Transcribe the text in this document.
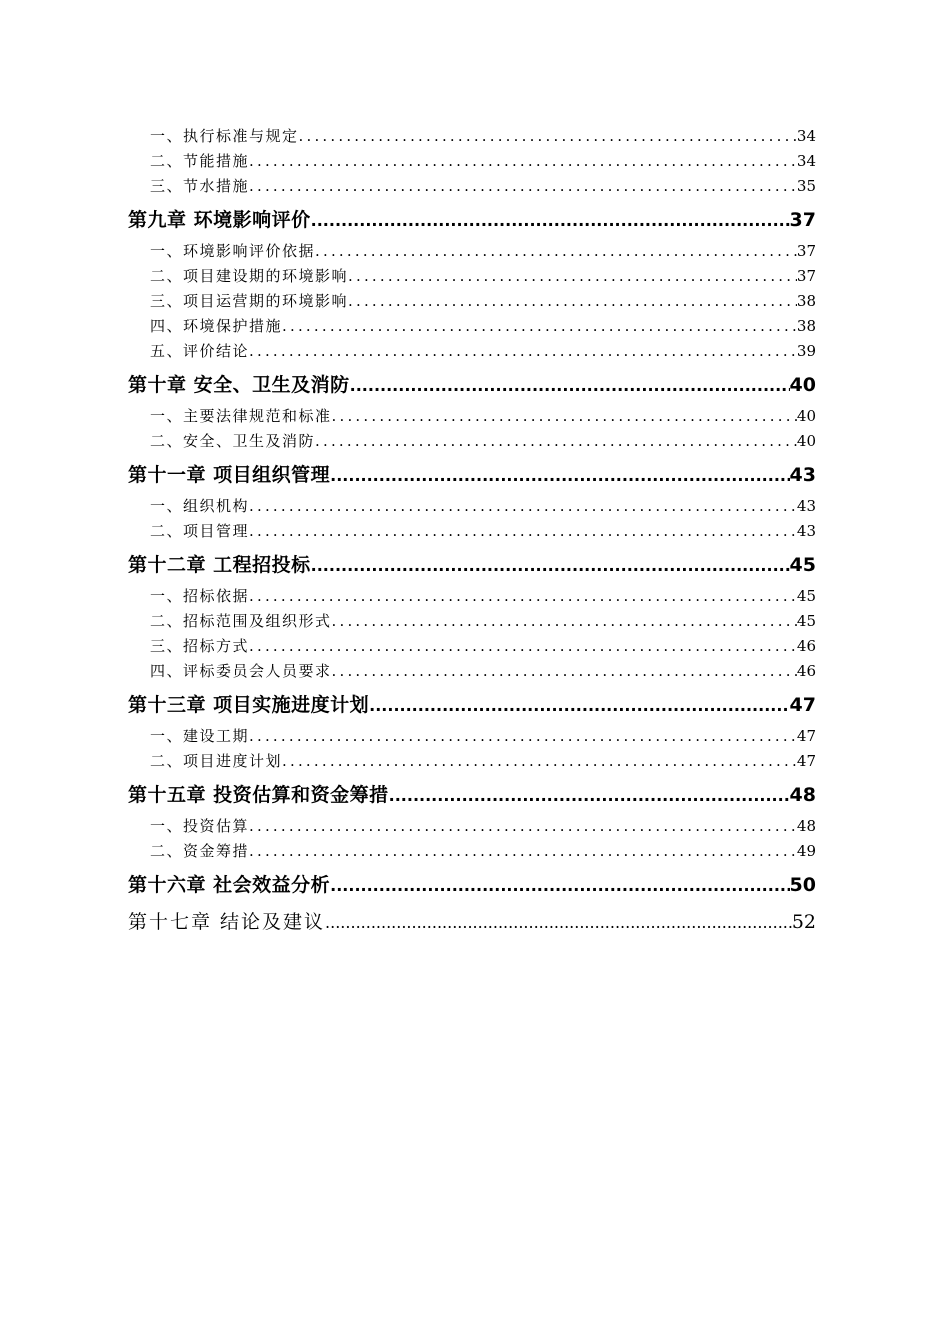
一、执行标准与规定 .....	34
二、节能措施 .....	34
三、节水措施 .....	35
第九章 环境影响评价 .....	37
一、环境影响评价依据 .....	37
二、项目建设期的环境影响 .....	37
三、项目运营期的环境影响 .....	38
四、环境保护措施 .....	38
五、评价结论 .....	39
第十章 安全、卫生及消防 .....	40
一、主要法律规范和标准 .....	40
二、安全、卫生及消防 .....	40
第十一章 项目组织管理 .....	43
一、组织机构 .....	43
二、项目管理 .....	43
第十二章 工程招投标 .....	45
一、招标依据 .....	45
二、招标范围及组织形式 .....	45
三、招标方式 .....	46
四、评标委员会人员要求 .....	46
第十三章 项目实施进度计划 .....	47
一、建设工期 .....	47
二、项目进度计划 .....	47
第十五章 投资估算和资金筹措 .....	48
一、投资估算 .....	48
二、资金筹措 .....	49
第十六章 社会效益分析 .....	50
第十七章 结论及建议 .....	52
